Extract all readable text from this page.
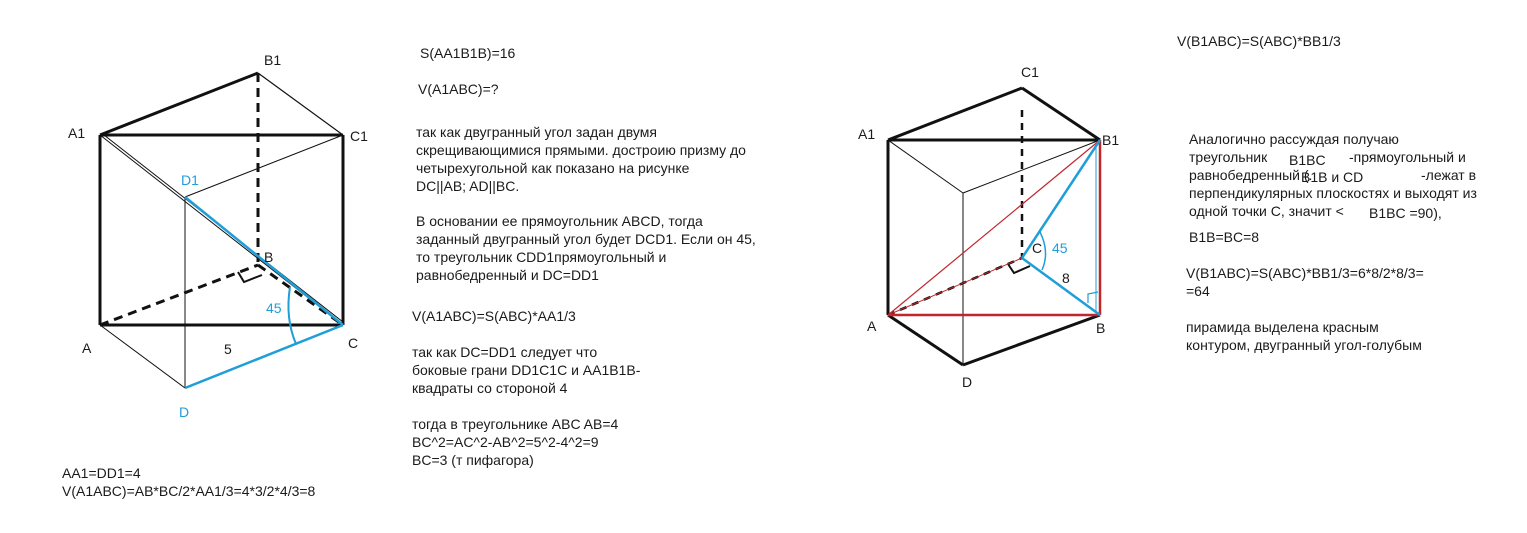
B1
A1	C1
D1
B
45
A	5	C
D
AA1=DD1=4
V(A1ABC)=AB*BC/2*AA1/3=4*3/2*4/3=8
S(AA1B1B)=16
V(A1ABC)=?
так как двугранный угол задан двумя
скрещивающимися прямыми. достроию призму до
четырехугольной как показано на рисунке
DC||AB; AD||BC.
В основании ее прямоугольник ABCD, тогда
заданный двугранный угол будет DCD1. Если он 45,
то треугольник CDD1прямоугольный и
равнобедренный и DC=DD1
V(A1ABC)=S(ABC)*AA1/3
так как DC=DD1 следует что
боковые грани DD1C1C и AA1B1B-
квадраты со стороной 4
тогда в треугольнике ABC AB=4
BC^2=AC^2-AB^2=5^2-4^2=9
BC=3 (т пифагора)
C1
A1	B1
C 45
8
A	B
D
V(B1ABC)=S(ABC)*BB1/3
Аналогично рассуждая получаю
треугольник B1BC -прямоугольный и
равнобедренный (.
B1B и CD	-лежат в
перпендикулярных плоскостях и выходят из
одной точки C, значит < B1BC =90),
B1B=BC=8
V(B1ABC)=S(ABC)*BB1/3=6*8/2*8/3=
=64
пирамида выделена красным
контуром, двугранный угол-голубым
